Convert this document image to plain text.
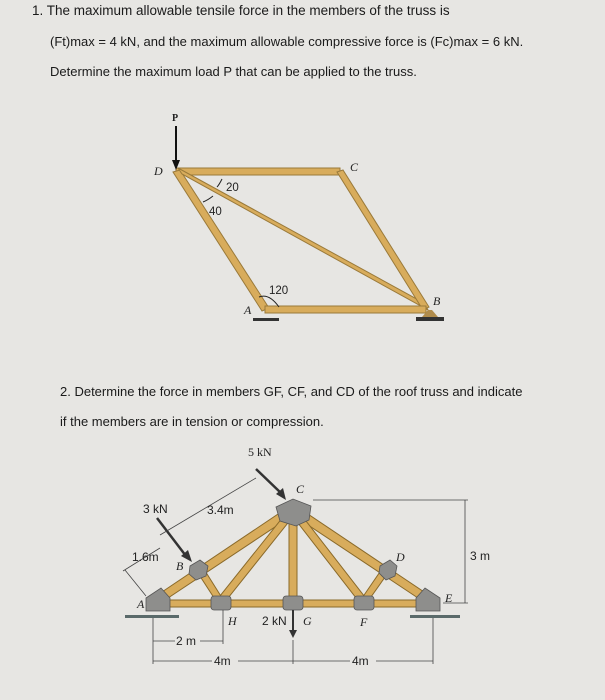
1. The maximum allowable tensile force in the members of the truss is
(Ft)max = 4 kN, and the maximum allowable compressive force is (Fc)max = 6 kN.
Determine the maximum load P that can be applied to the truss.
P
D	C
A
B
20
40
120
2. Determine the force in members GF, CF, and CD of the roof truss and indicate
if the members are in tension or compression.
5 kN
3 kN
2 kN
A
B
C
D
E
F
G
H
3.4m
1.6m	3 m
2 m
4m	4m
